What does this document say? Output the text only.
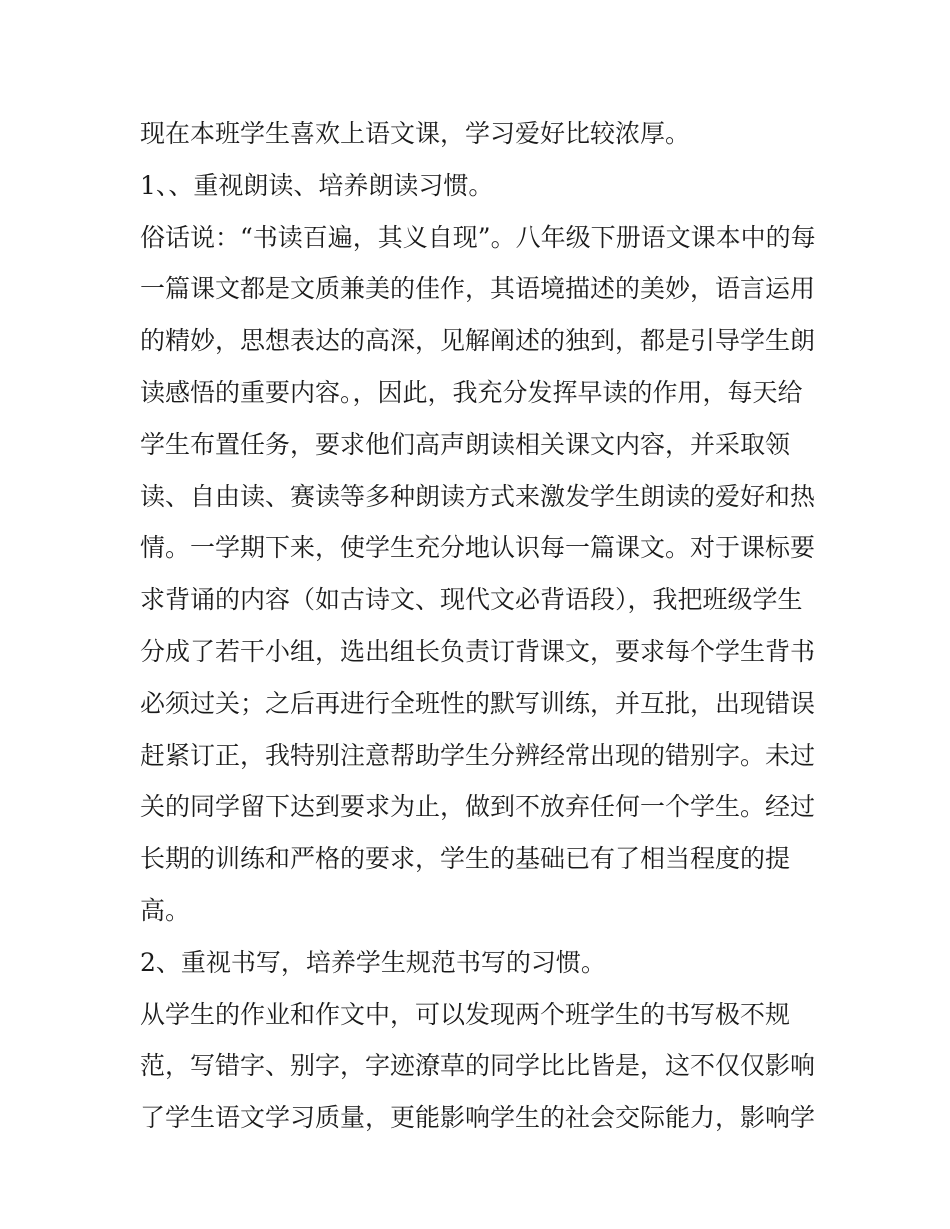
现在本班学生喜欢上语文课，学习爱好比较浓厚。
1、、重视朗读、培养朗读习惯。
俗话说：“书读百遍，其义自现”。八年级下册语文课本中的每
一篇课文都是文质兼美的佳作，其语境描述的美妙，语言运用
的精妙，思想表达的高深，见解阐述的独到，都是引导学生朗
读感悟的重要内容。，因此，我充分发挥早读的作用，每天给
学生布置任务，要求他们高声朗读相关课文内容，并采取领
读、自由读、赛读等多种朗读方式来激发学生朗读的爱好和热
情。一学期下来，使学生充分地认识每一篇课文。对于课标要
求背诵的内容（如古诗文、现代文必背语段），我把班级学生
分成了若干小组，选出组长负责订背课文，要求每个学生背书
必须过关；之后再进行全班性的默写训练，并互批，出现错误
赶紧订正，我特别注意帮助学生分辨经常出现的错别字。未过
关的同学留下达到要求为止，做到不放弃任何一个学生。经过
长期的训练和严格的要求，学生的基础已有了相当程度的提
高。
2、重视书写，培养学生规范书写的习惯。
从学生的作业和作文中，可以发现两个班学生的书写极不规
范，写错字、别字，字迹潦草的同学比比皆是，这不仅仅影响
了学生语文学习质量，更能影响学生的社会交际能力，影响学
